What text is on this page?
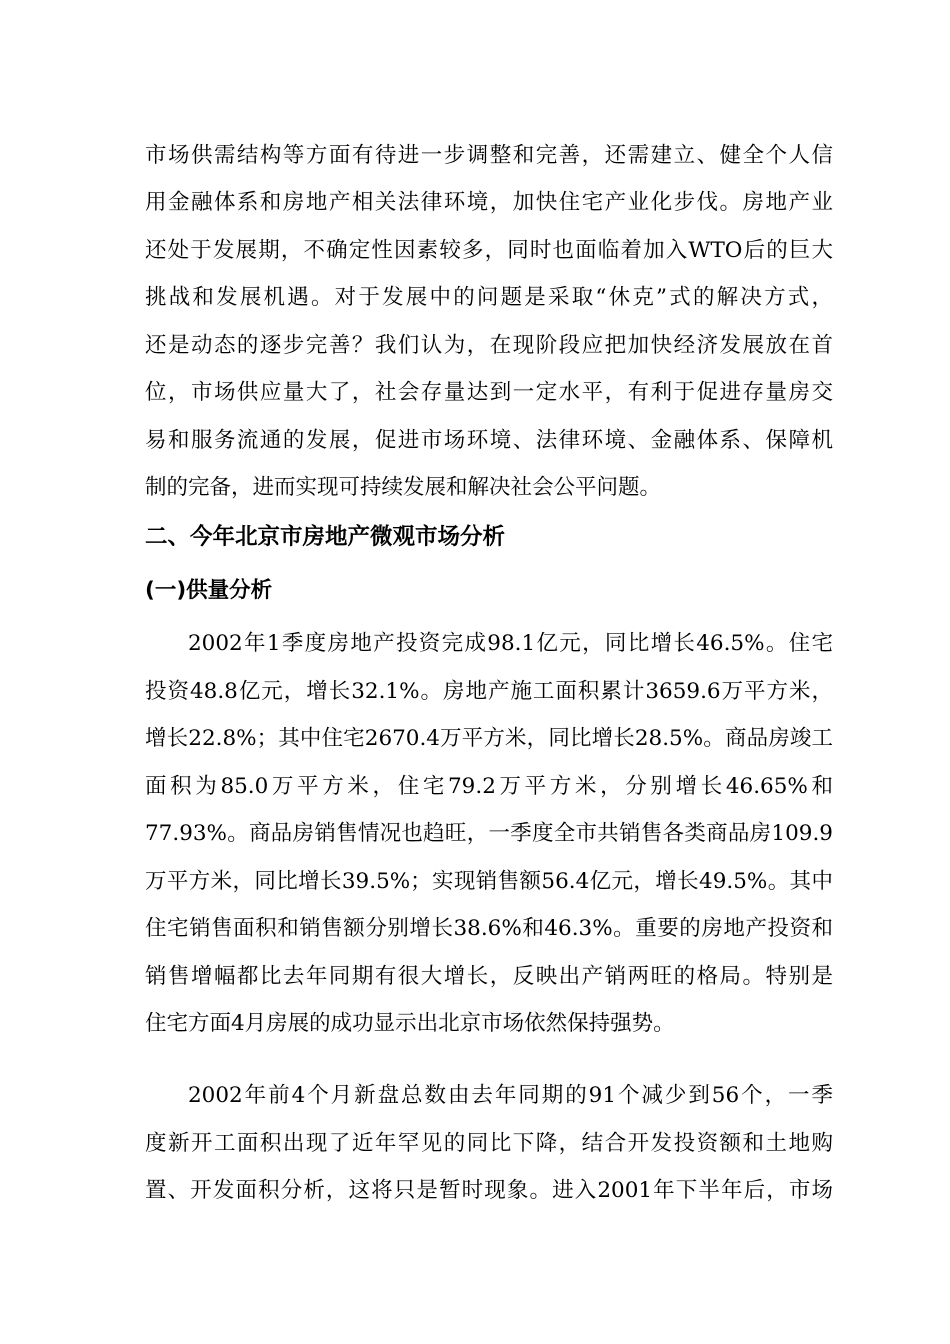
市场供需结构等方面有待进一步调整和完善，还需建立、健全个人信
用金融体系和房地产相关法律环境，加快住宅产业化步伐。房地产业
还处于发展期，不确定性因素较多，同时也面临着加入WTO后的巨大
挑战和发展机遇。对于发展中的问题是采取“休克”式的解决方式，
还是动态的逐步完善？我们认为，在现阶段应把加快经济发展放在首
位，市场供应量大了，社会存量达到一定水平，有利于促进存量房交
易和服务流通的发展，促进市场环境、法律环境、金融体系、保障机
制的完备，进而实现可持续发展和解决社会公平问题。
二、今年北京市房地产微观市场分析
(一)供量分析
2002年1季度房地产投资完成98.1亿元，同比增长46.5%。住宅
投资48.8亿元，增长32.1%。房地产施工面积累计3659.6万平方米，
增长22.8%；其中住宅2670.4万平方米，同比增长28.5%。商品房竣工
面积为85.0万平方米，住宅79.2万平方米，分别增长46.65%和
77.93%。商品房销售情况也趋旺，一季度全市共销售各类商品房109.9
万平方米，同比增长39.5%；实现销售额56.4亿元，增长49.5%。其中
住宅销售面积和销售额分别增长38.6%和46.3%。重要的房地产投资和
销售增幅都比去年同期有很大增长，反映出产销两旺的格局。特别是
住宅方面4月房展的成功显示出北京市场依然保持强势。
2002年前4个月新盘总数由去年同期的91个减少到56个，一季
度新开工面积出现了近年罕见的同比下降，结合开发投资额和土地购
置、开发面积分析，这将只是暂时现象。进入2001年下半年后，市场
